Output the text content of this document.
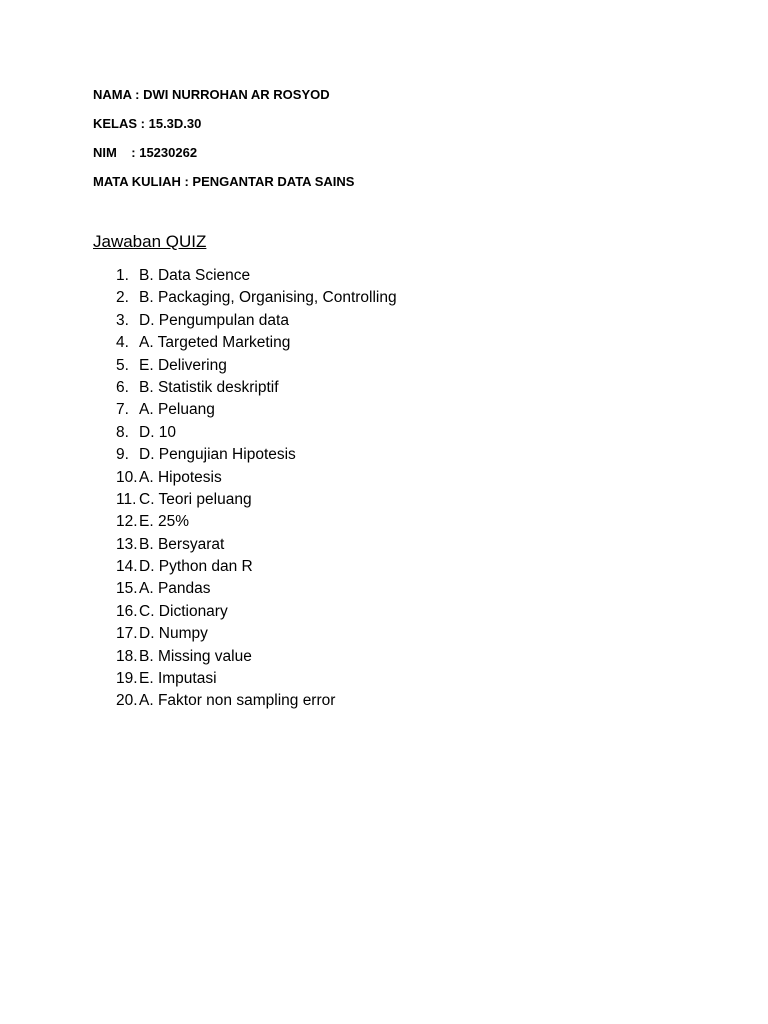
NAMA : DWI NURROHAN AR ROSYOD
KELAS : 15.3D.30
NIM    : 15230262
MATA KULIAH : PENGANTAR DATA SAINS
Jawaban QUIZ
1. B. Data Science
2. B. Packaging, Organising, Controlling
3. D. Pengumpulan data
4. A. Targeted Marketing
5. E. Delivering
6. B. Statistik deskriptif
7. A. Peluang
8. D. 10
9. D. Pengujian Hipotesis
10. A. Hipotesis
11. C. Teori peluang
12. E. 25%
13. B. Bersyarat
14. D. Python dan R
15. A. Pandas
16. C. Dictionary
17. D. Numpy
18. B. Missing value
19. E. Imputasi
20. A. Faktor non sampling error
